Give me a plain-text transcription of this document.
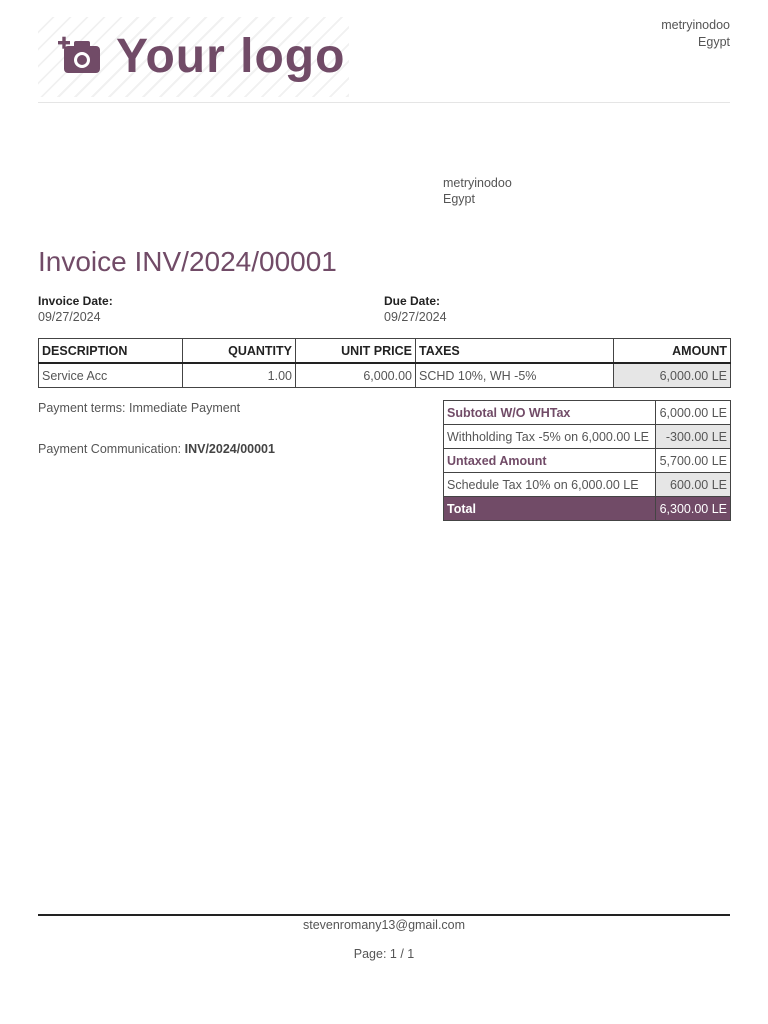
Your logo
metryinodoo
Egypt
metryinodoo
Egypt
Invoice INV/2024/00001
Invoice Date:
09/27/2024
Due Date:
09/27/2024
DESCRIPTION	QUANTITY	UNIT PRICE	TAXES	AMOUNT
Service Acc	1.00	6,000.00	SCHD 10%, WH -5%	6,000.00 LE
Payment terms: Immediate Payment
Payment Communication: INV/2024/00001
Subtotal W/O WHTax	6,000.00 LE
Withholding Tax -5% on 6,000.00 LE	-300.00 LE
Untaxed Amount	5,700.00 LE
Schedule Tax 10% on 6,000.00 LE	600.00 LE
Total	6,300.00 LE
stevenromany13@gmail.com
Page: 1 / 1
